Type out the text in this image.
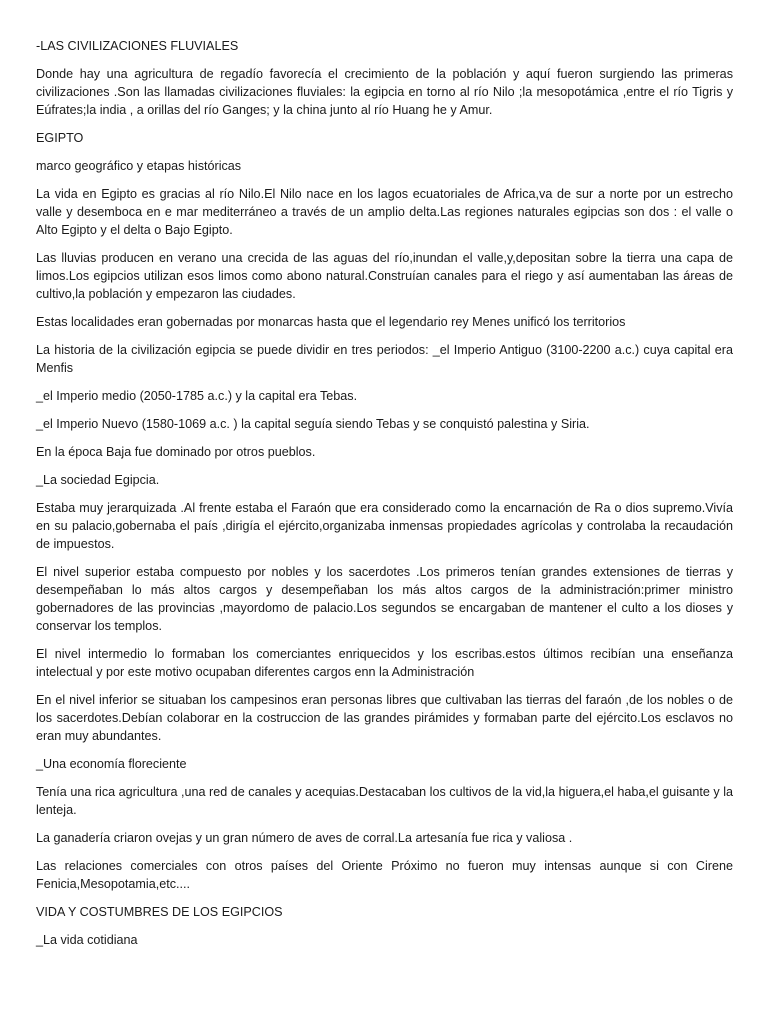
-LAS CIVILIZACIONES FLUVIALES

Donde hay una agricultura de regadío favorecía el crecimiento de la población y aquí fueron surgiendo las primeras civilizaciones .Son las llamadas civilizaciones fluviales: la egipcia en torno al río Nilo ;la mesopotámica ,entre el río Tigris y Eúfrates;la india , a orillas del río Ganges; y la china junto al río Huang he y Amur.

EGIPTO

marco geográfico y etapas históricas

La vida en Egipto es gracias al río Nilo.El Nilo nace en los lagos ecuatoriales de Africa,va de sur a norte por un estrecho valle y desemboca en e mar mediterráneo a través de un amplio delta.Las regiones naturales egipcias son dos : el valle o Alto Egipto y el delta o Bajo Egipto.

Las lluvias producen en verano una crecida de las aguas del río,inundan el valle,y,depositan sobre la tierra una capa de limos.Los egipcios utilizan esos limos como abono natural.Construían canales para el riego y así aumentaban las áreas de cultivo,la población y empezaron las ciudades.

Estas localidades eran gobernadas por monarcas hasta que el legendario rey Menes unificó los territorios

La historia de la civilización egipcia se puede dividir en tres periodos: _el Imperio Antiguo (3100-2200 a.c.) cuya capital era Menfis

_el Imperio medio (2050-1785 a.c.) y la capital era Tebas.

_el Imperio Nuevo (1580-1069 a.c. ) la capital seguía siendo Tebas y se conquistó palestina y Siria.

En la época Baja fue dominado por otros pueblos.

_La sociedad Egipcia.

Estaba muy jerarquizada .Al frente estaba el Faraón que era considerado como la encarnación de Ra o dios supremo.Vivía en su palacio,gobernaba el país ,dirigía el ejército,organizaba inmensas propiedades agrícolas y controlaba la recaudación de impuestos.

El nivel superior estaba compuesto por nobles y los sacerdotes .Los primeros tenían grandes extensiones de tierras y desempeñaban lo más altos cargos y desempeñaban los más altos cargos de la administración:primer ministro gobernadores de las provincias ,mayordomo de palacio.Los segundos se encargaban de mantener el culto a los dioses y conservar los templos.

El nivel intermedio lo formaban los comerciantes enriquecidos y los escribas.estos últimos recibían una enseñanza intelectual y por este motivo ocupaban diferentes cargos enn la Administración

En el nivel inferior se situaban los campesinos eran personas libres que cultivaban las tierras del faraón ,de los nobles o de los sacerdotes.Debían colaborar en la costruccion de las grandes pirámides y formaban parte del ejército.Los esclavos no eran muy abundantes.

_Una economía floreciente

Tenía una rica agricultura ,una red de canales y acequias.Destacaban los cultivos de la vid,la higuera,el haba,el guisante y la lenteja.

La ganadería criaron ovejas y un gran número de aves de corral.La artesanía fue rica y valiosa .

Las relaciones comerciales con otros países del Oriente Próximo no fueron muy intensas aunque si con Cirene Fenicia,Mesopotamia,etc....

VIDA Y COSTUMBRES DE LOS EGIPCIOS

_La vida cotidiana
